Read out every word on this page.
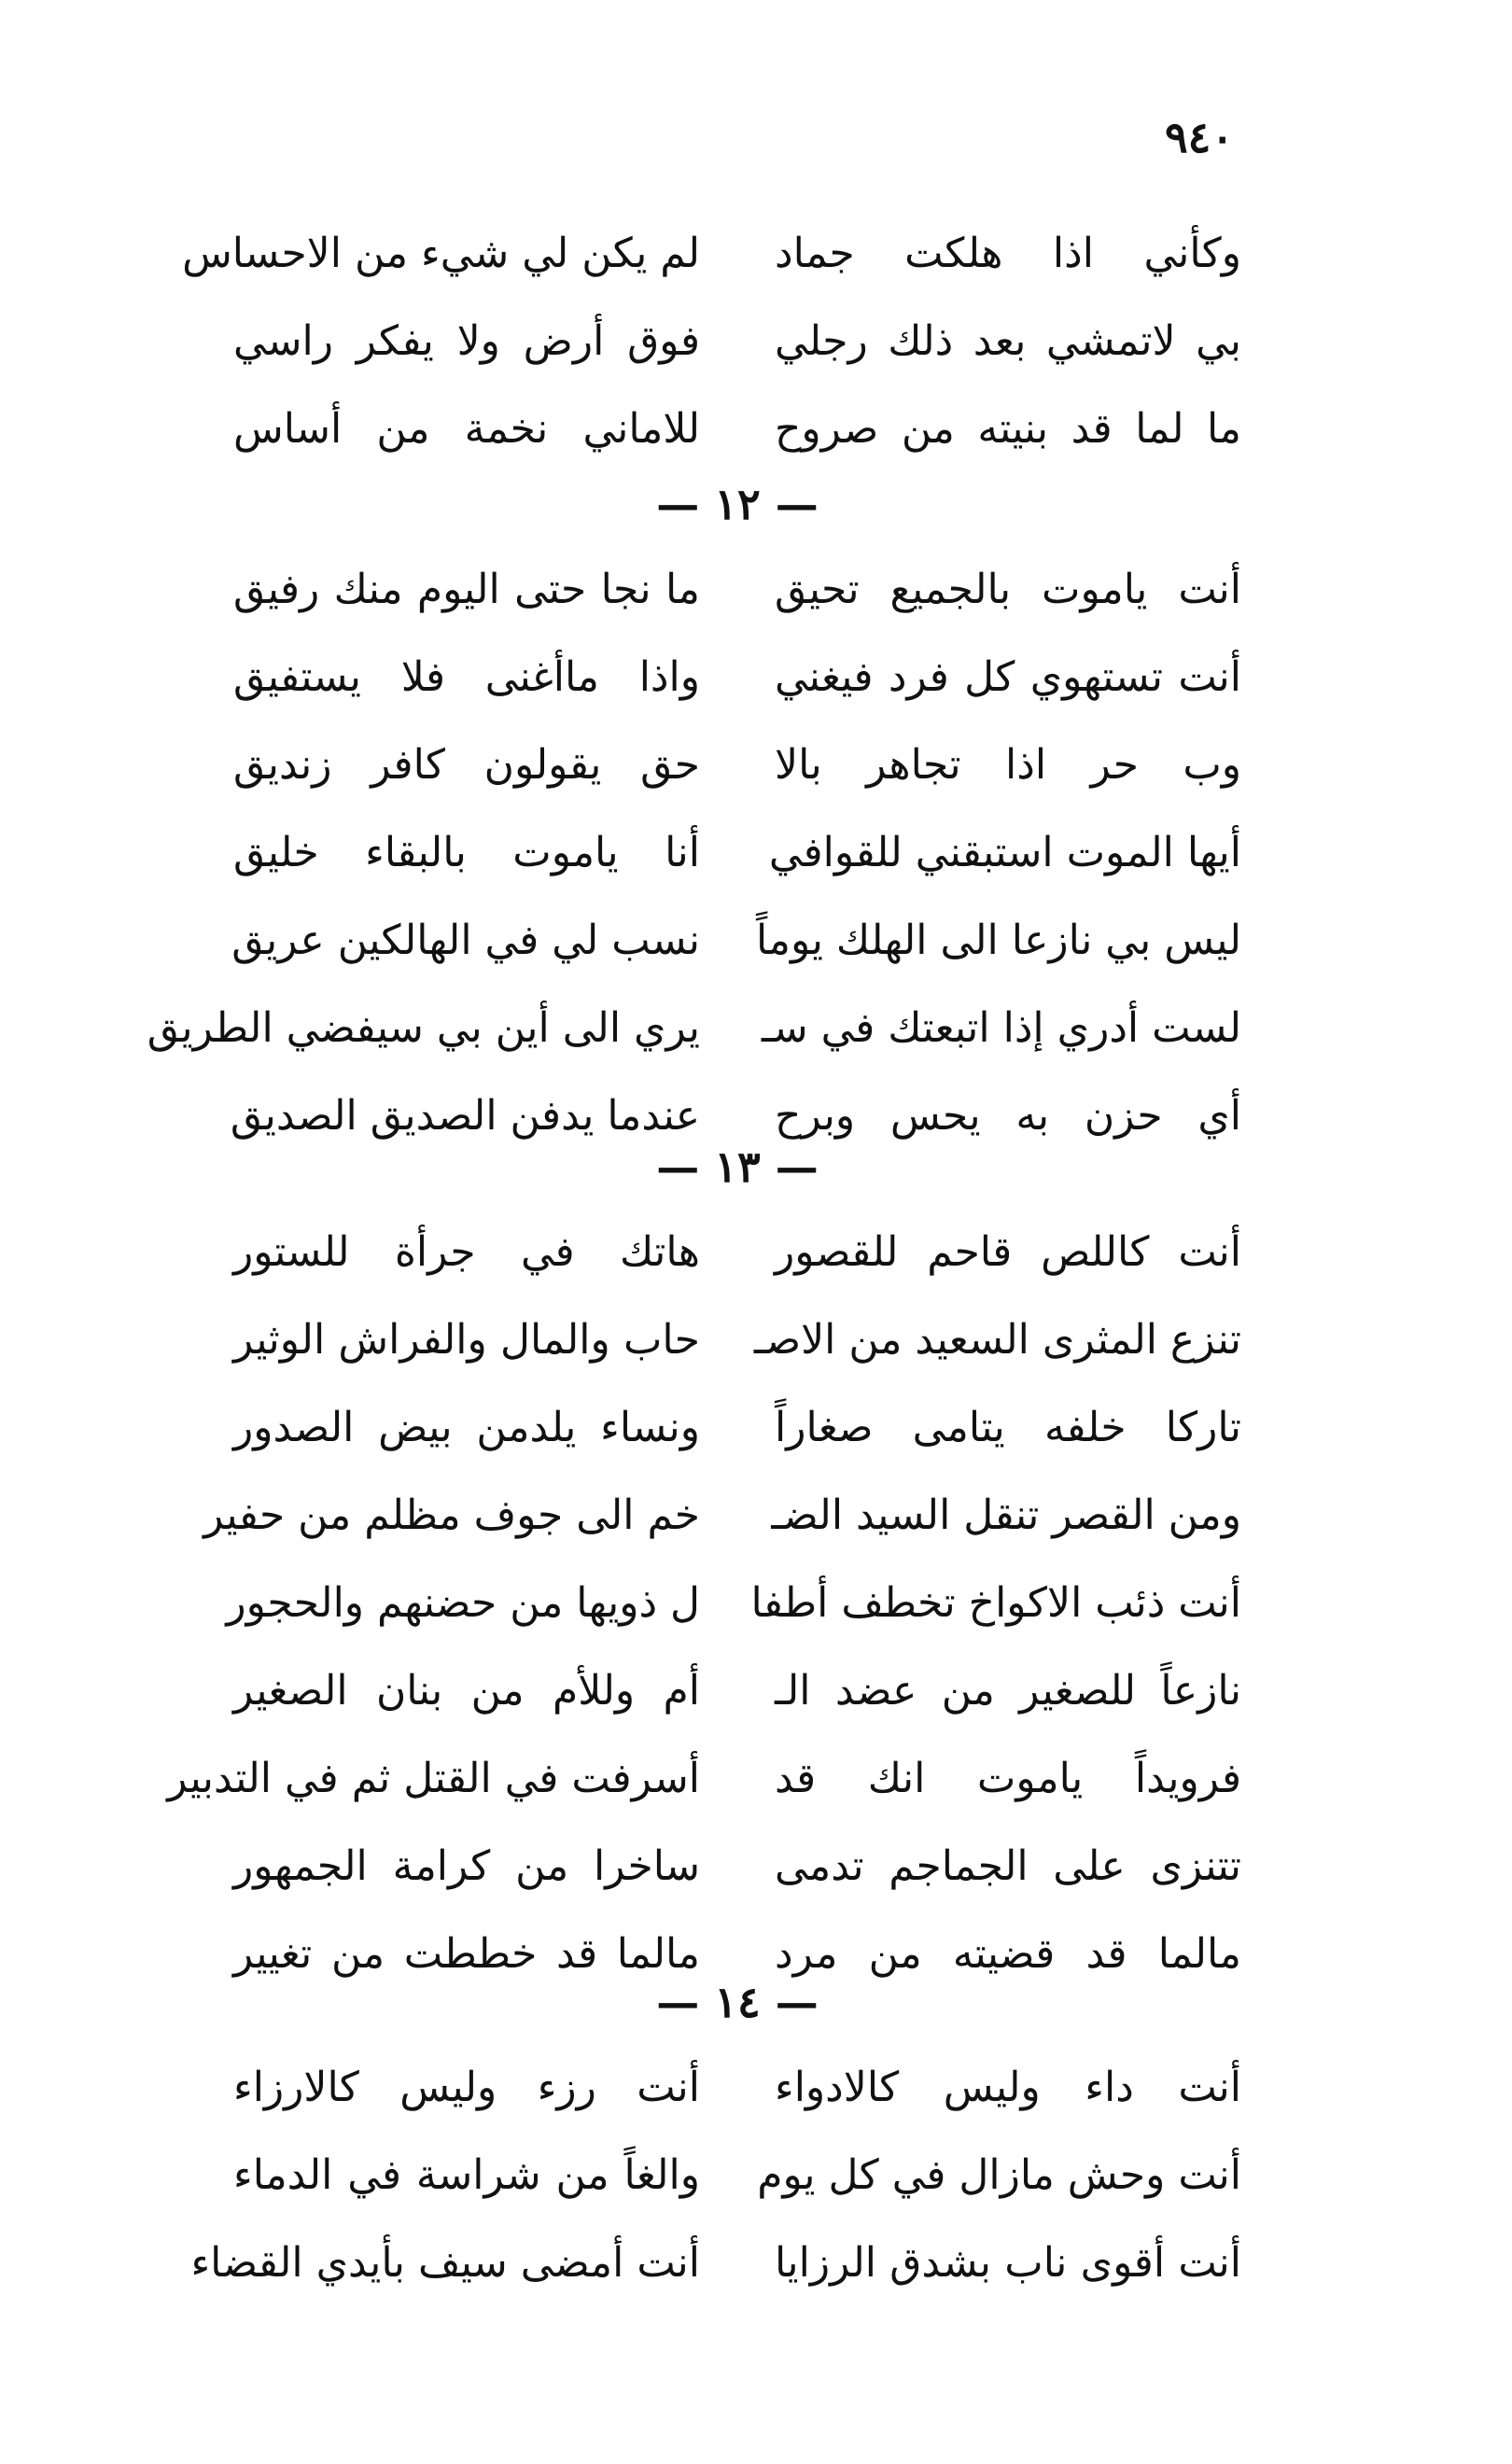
٩٤٠
وكأني اذا هلكت جماد
لم يكن لي شيء من الاحساس
بي لاتمشي بعد ذلك رجلي
فوق أرض ولا يفكر راسي
ما لما قد بنيته من صروح
للاماني نخمة من أساس
— ١٢ —
أنت ياموت بالجميع تحيق
ما نجا حتى اليوم منك رفيق
أنت تستهوي كل فرد فيغني
واذا ماأغنى فلا يستفيق
وب حر اذا تجاهر بالا
حق يقولون كافر زنديق
أيها الموت استبقني للقوافي
أنا ياموت بالبقاء خليق
ليس بي نازعا الى الهلك يوماً
نسب لي في الهالكين عريق
لست أدري إذا اتبعتك في سـ
يري الى أين بي سيفضي الطريق
أي حزن به يحس وبرح
عندما يدفن الصديق الصديق
— ١٣ —
أنت كاللص قاحم للقصور
هاتك في جرأة للستور
تنزع المثرى السعيد من الاصـ
حاب والمال والفراش الوثير
تاركا خلفه يتامى صغاراً
ونساء يلدمن بيض الصدور
ومن القصر تنقل السيد الضـ
خم الى جوف مظلم من حفير
أنت ذئب الاكواخ تخطف أطفا
ل ذويها من حضنهم والحجور
نازعاً للصغير من عضد الـ
أم وللأم من بنان الصغير
فرويداً ياموت انك قد
أسرفت في القتل ثم في التدبير
تتنزى على الجماجم تدمى
ساخرا من كرامة الجمهور
مالما قد قضيته من مرد
مالما قد خططت من تغيير
— ١٤ —
أنت داء وليس كالادواء
أنت رزء وليس كالارزاء
أنت وحش مازال في كل يوم
والغاً من شراسة في الدماء
أنت أقوى ناب بشدق الرزايا
أنت أمضى سيف بأيدي القضاء
